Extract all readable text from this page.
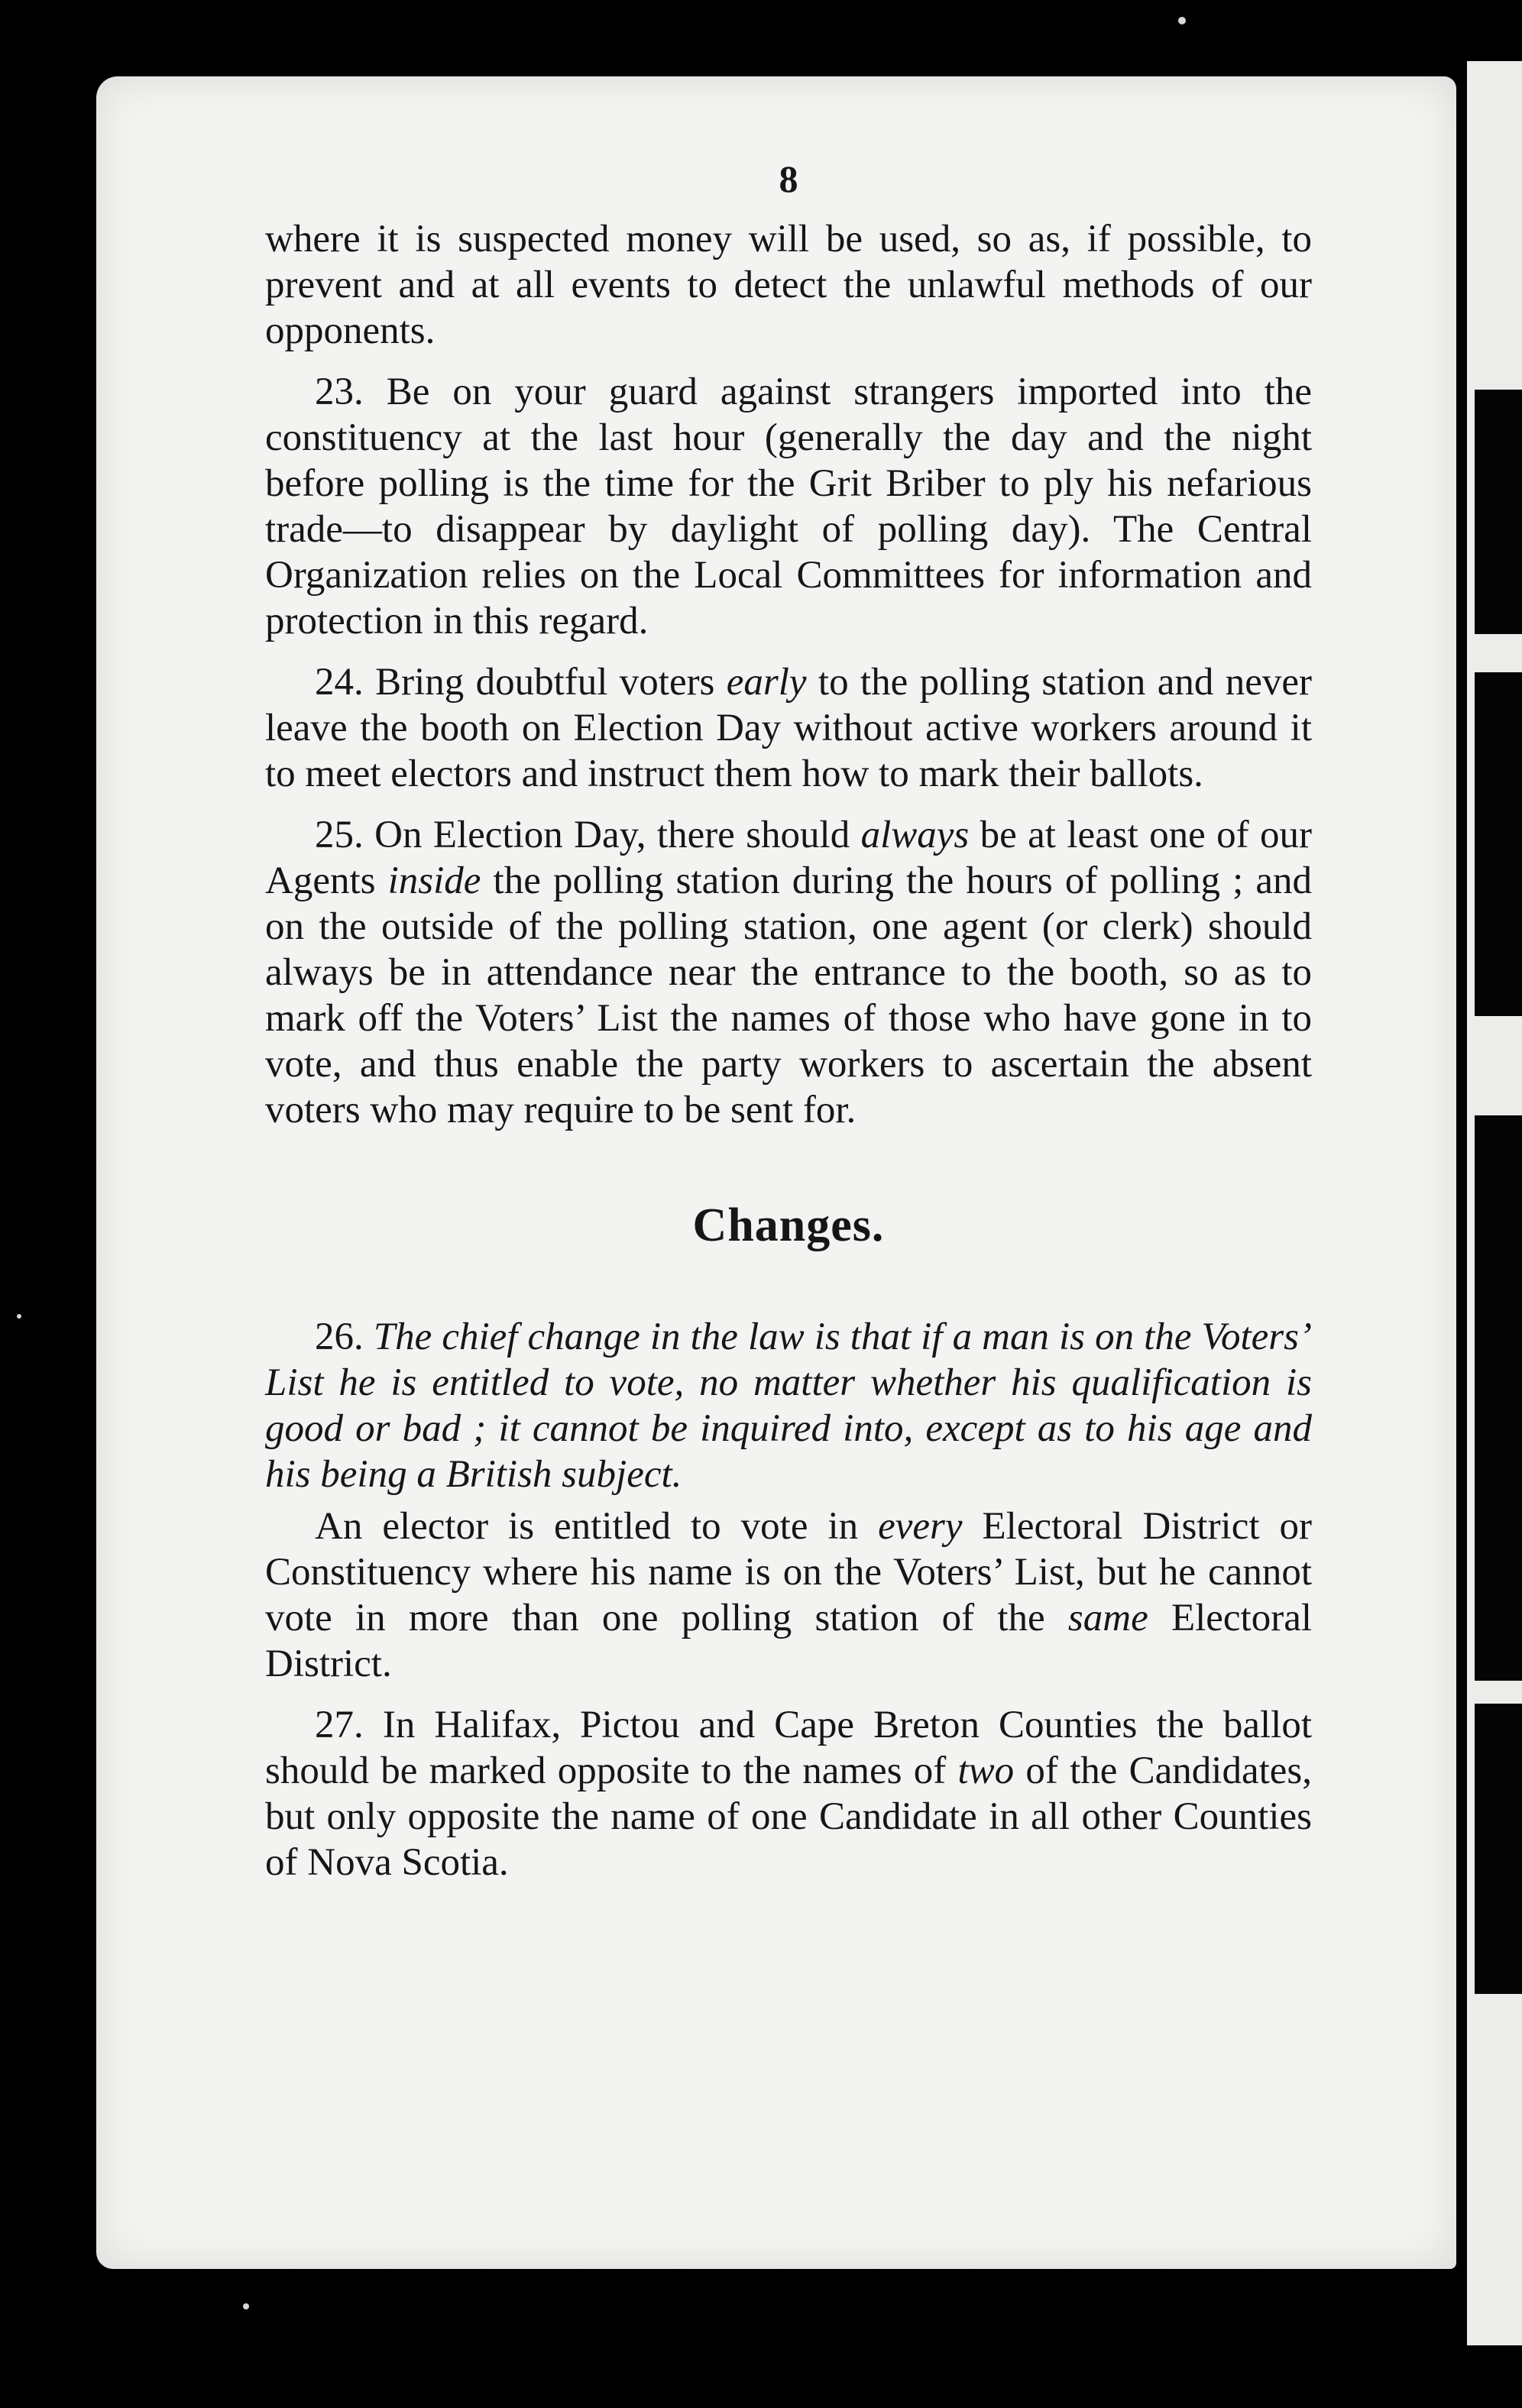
8

where it is suspected money will be used, so as, if possible, to prevent and at all events to detect the unlawful methods of our opponents.

23. Be on your guard against strangers imported into the constituency at the last hour (generally the day and the night before polling is the time for the Grit Briber to ply his nefarious trade—to disappear by daylight of polling day). The Central Organization relies on the Local Committees for information and protection in this regard.

24. Bring doubtful voters early to the polling station and never leave the booth on Election Day without active workers around it to meet electors and instruct them how to mark their ballots.

25. On Election Day, there should always be at least one of our Agents inside the polling station during the hours of polling ; and on the outside of the polling station, one agent (or clerk) should always be in attendance near the entrance to the booth, so as to mark off the Voters’ List the names of those who have gone in to vote, and thus enable the party workers to ascertain the absent voters who may require to be sent for.

Changes.

26. The chief change in the law is that if a man is on the Voters’ List he is entitled to vote, no matter whether his qualification is good or bad ; it cannot be inquired into, except as to his age and his being a British subject.

An elector is entitled to vote in every Electoral District or Constituency where his name is on the Voters’ List, but he cannot vote in more than one polling station of the same Electoral District.

27. In Halifax, Pictou and Cape Breton Counties the ballot should be marked opposite to the names of two of the Candidates, but only opposite the name of one Candidate in all other Counties of Nova Scotia.
